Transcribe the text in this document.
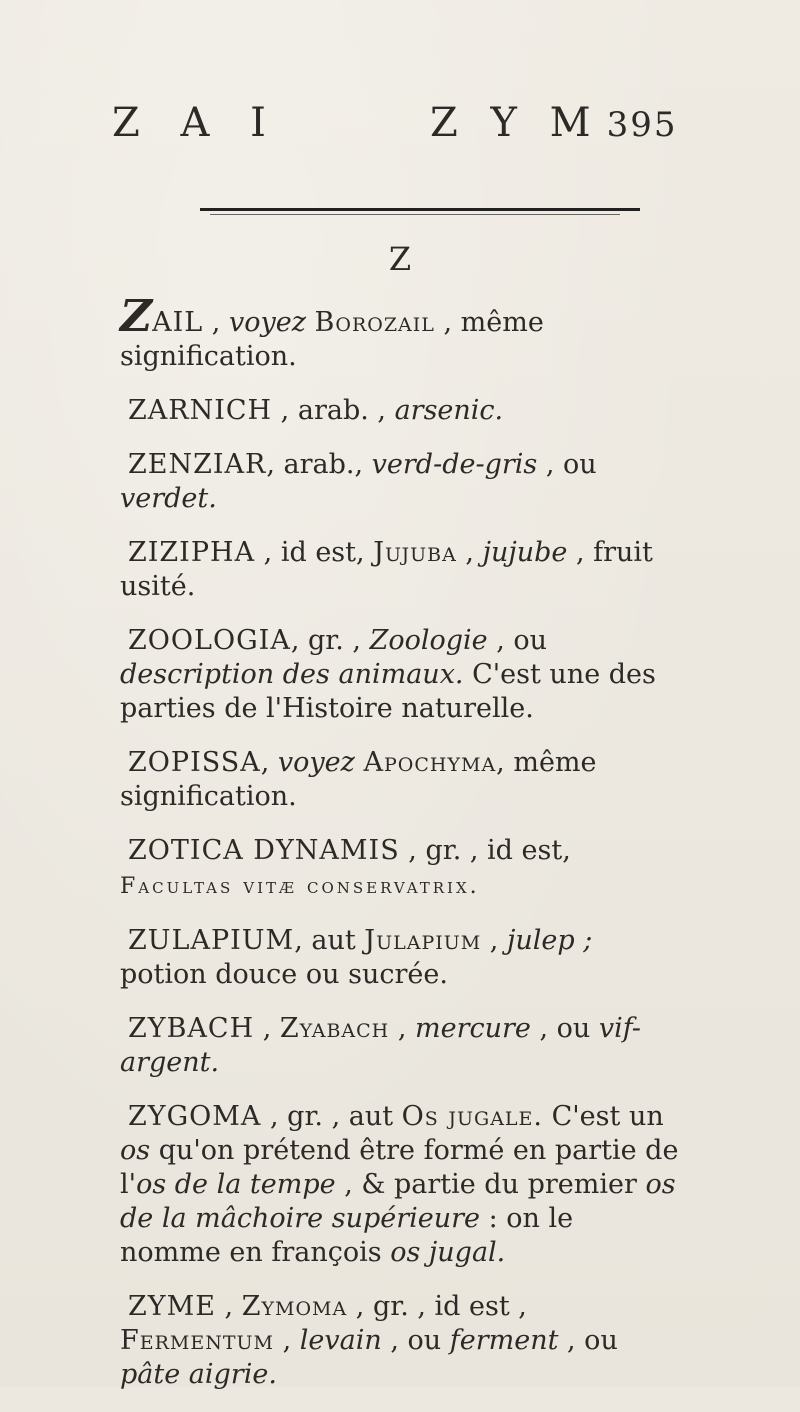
Z A I	Z Y M 395
Z

ZAIL , voyez Borozail , même signification.

ZARNICH , arab. , arsenic.

ZENZIAR, arab., verd-de-gris , ou verdet.

ZIZIPHA , id est, Jujuba , jujube , fruit usité.

ZOOLOGIA, gr. , Zoologie , ou description des animaux. C'est une des parties de l'Histoire naturelle.

ZOPISSA, voyez Apochyma, même signification.

ZOTICA DYNAMIS , gr. , id est, Facultas vitæ conservatrix.

ZULAPIUM, aut Julapium , julep ; potion douce ou sucrée.

ZYBACH , Zyabach , mercure , ou vif-argent.

ZYGOMA , gr. , aut Os jugale. C'est un os qu'on prétend être formé en partie de l'os de la tempe , & partie du premier os de la mâchoire supérieure : on le nomme en françois os jugal.

ZYME , Zymoma , gr. , id est , Fermentum , levain , ou ferment , ou pâte aigrie.
